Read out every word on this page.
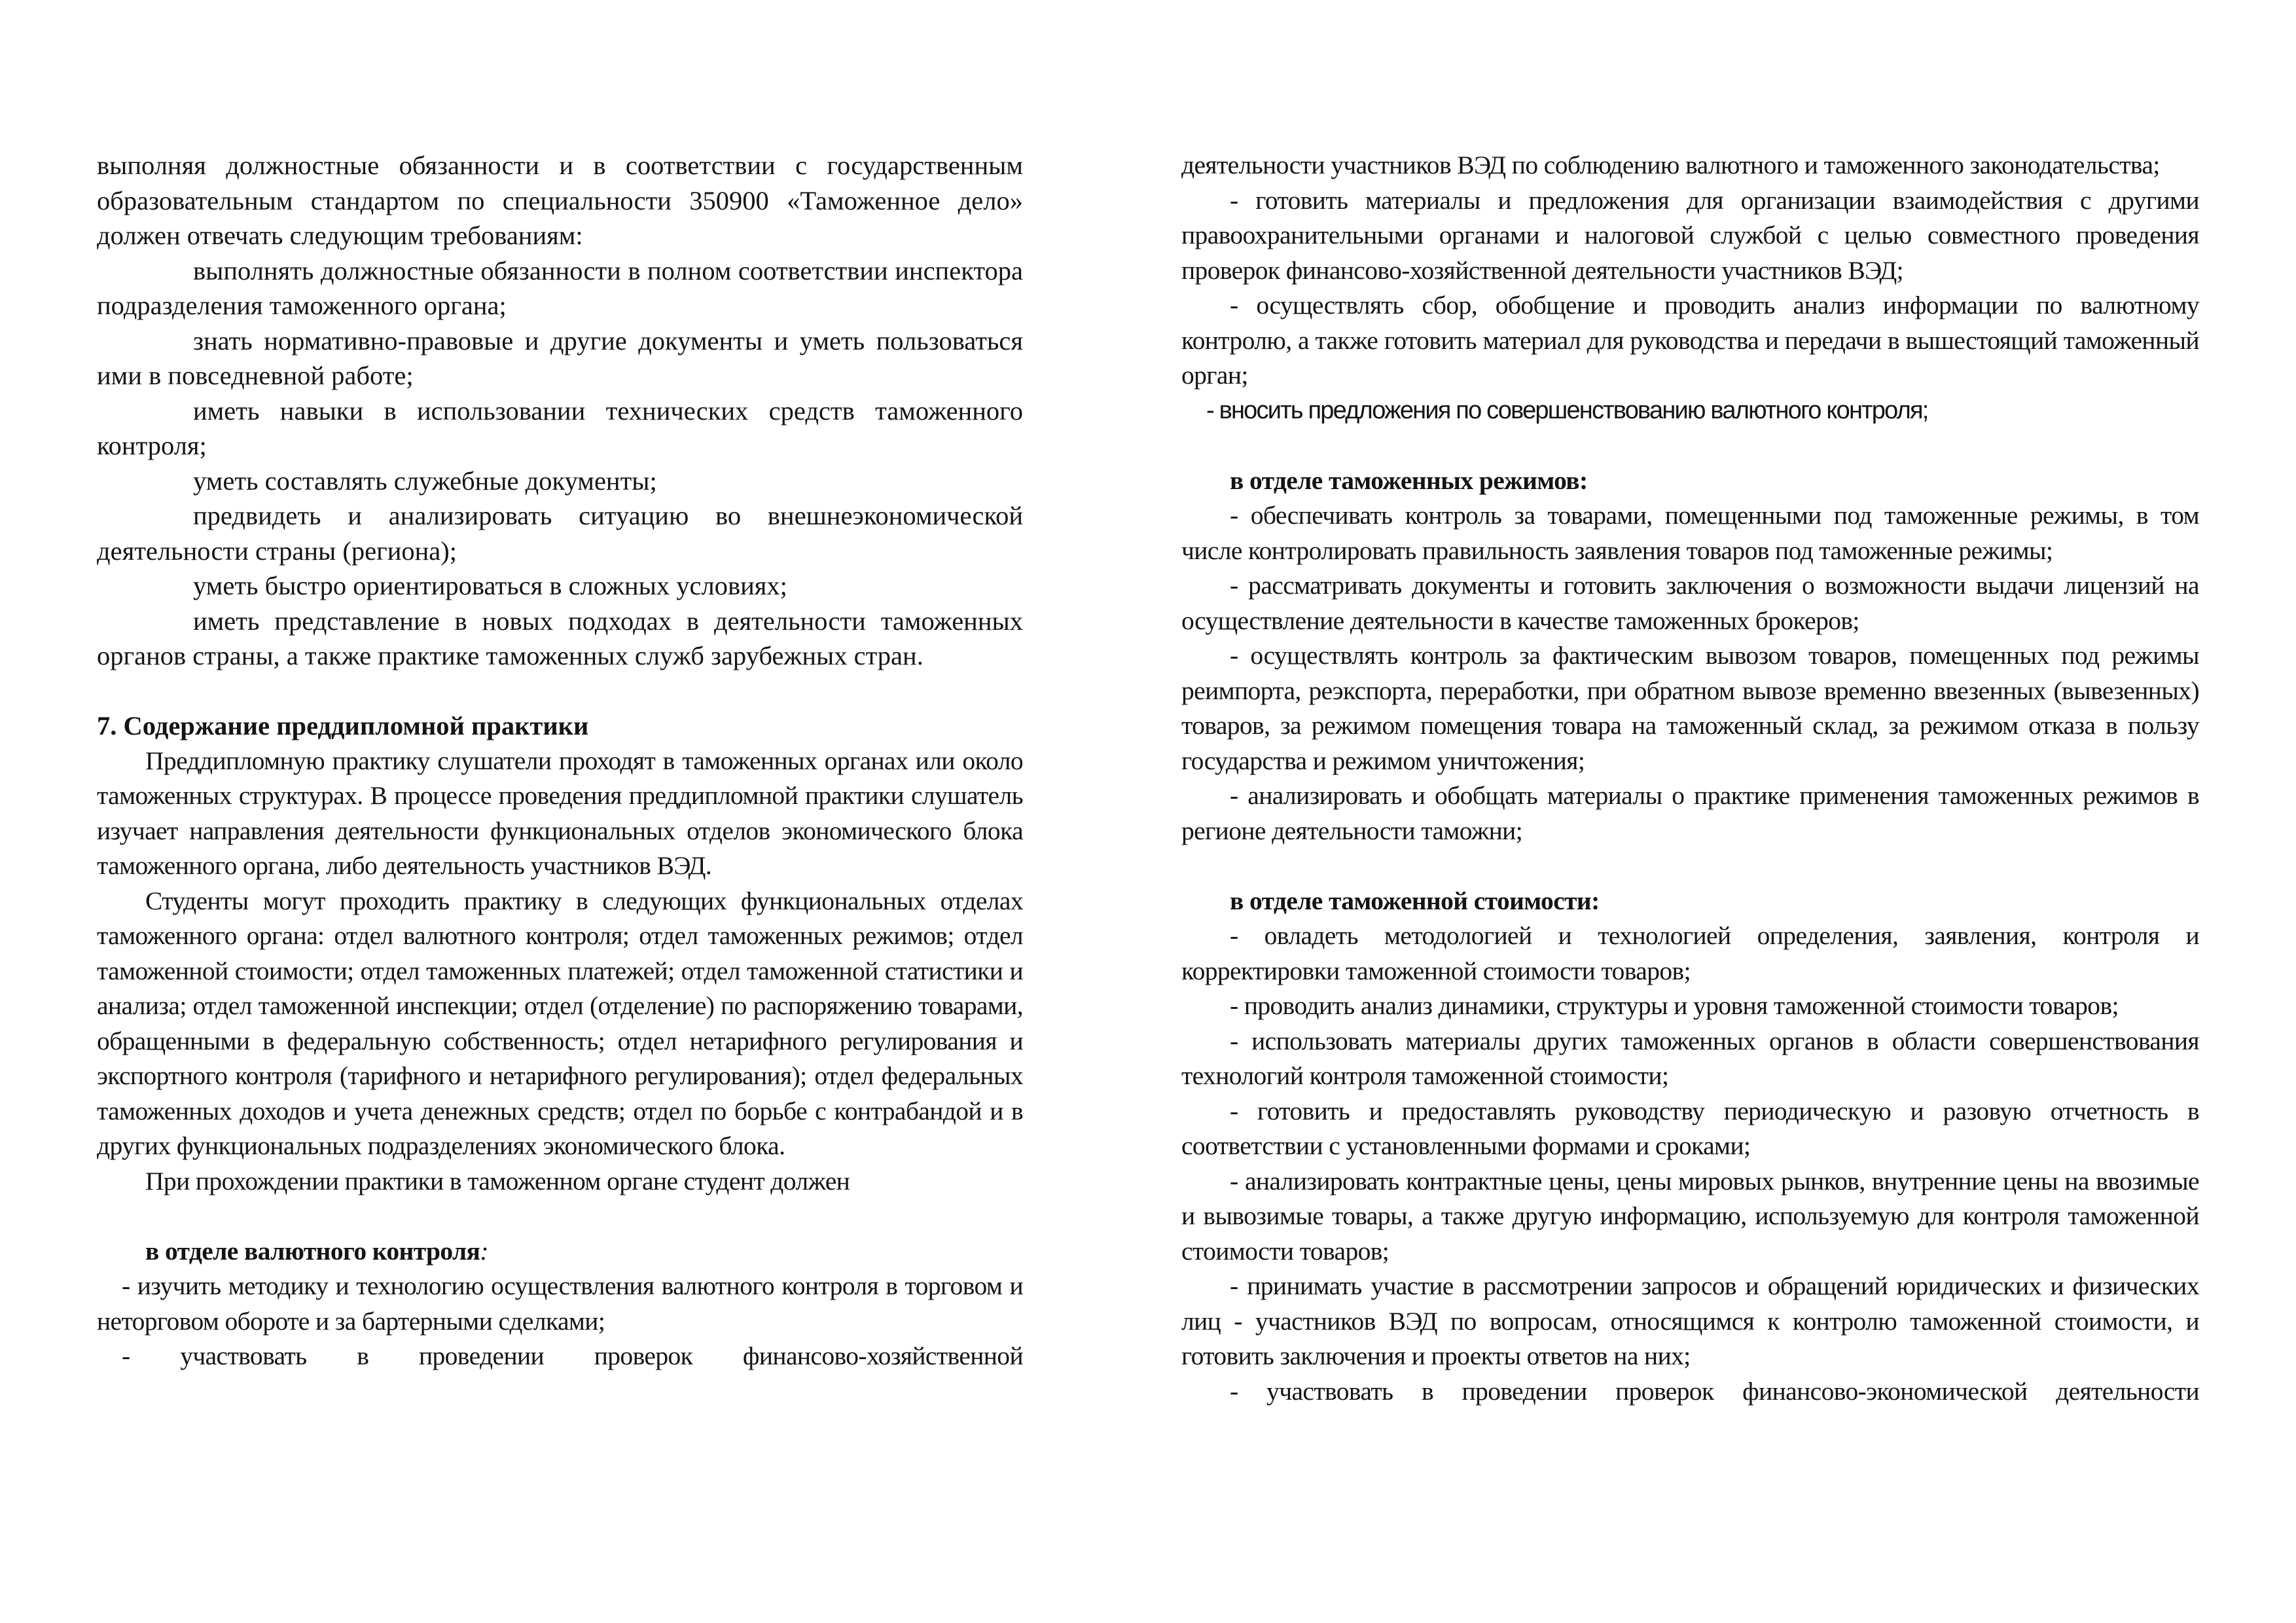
выполняя должностные обязанности и в соответствии с государственным образовательным стандартом по специальности 350900 «Таможенное дело» должен отвечать следующим требованиям:

выполнять должностные обязанности в полном соответствии инспектора подразделения таможенного органа;

знать нормативно-правовые и другие документы и уметь пользоваться ими в повседневной работе;

иметь навыки в использовании технических средств таможенного контроля;

уметь составлять служебные документы;

предвидеть и анализировать ситуацию во внешнеэкономической деятельности страны (региона);

уметь быстро ориентироваться в сложных условиях;

иметь представление в новых подходах в деятельности таможенных органов страны, а также практике таможенных служб зарубежных стран.

7. Содержание преддипломной практики

Преддипломную практику слушатели проходят в таможенных органах или около таможенных структурах. В процессе проведения преддипломной практики слушатель изучает направления деятельности функциональных отделов экономического блока таможенного органа, либо деятельность участников ВЭД.

Студенты могут проходить практику в следующих функциональных отделах таможенного органа: отдел валютного контроля; отдел таможенных режимов; отдел таможенной стоимости; отдел таможенных платежей; отдел таможенной статистики и анализа; отдел таможенной инспекции; отдел (отделение) по распоряжению товарами, обращенными в федеральную собственность; отдел нетарифного регулирования и экспортного контроля (тарифного и нетарифного регулирования); отдел федеральных таможенных доходов и учета денежных средств; отдел по борьбе с контрабандой и в других функциональных подразделениях экономического блока.

При прохождении практики в таможенном органе студент должен

в отделе валютного контроля:

- изучить методику и технологию осуществления валютного контроля в торговом и неторговом обороте и за бартерными сделками;

- участвовать в проведении проверок финансово-хозяйственной

деятельности участников ВЭД по соблюдению валютного и таможенного законодательства;

- готовить материалы и предложения для организации взаимодействия с другими правоохранительными органами и налоговой службой с целью совместного проведения проверок финансово-хозяйственной деятельности участников ВЭД;

- осуществлять сбор, обобщение и проводить анализ информации по валютному контролю, а также готовить материал для руководства и передачи в вышестоящий таможенный орган;

- вносить предложения по совершенствованию валютного контроля;

в отделе таможенных режимов:

- обеспечивать контроль за товарами, помещенными под таможенные режимы, в том числе контролировать правильность заявления товаров под таможенные режимы;

- рассматривать документы и готовить заключения о возможности выдачи лицензий на осуществление деятельности в качестве таможенных брокеров;

- осуществлять контроль за фактическим вывозом товаров, помещенных под режимы реимпорта, реэкспорта, переработки, при обратном вывозе временно ввезенных (вывезенных) товаров, за режимом помещения товара на таможенный склад, за режимом отказа в пользу государства и режимом уничтожения;

- анализировать и обобщать материалы о практике применения таможенных режимов в регионе деятельности таможни;

в отделе таможенной стоимости:

- овладеть методологией и технологией определения, заявления, контроля и корректировки таможенной стоимости товаров;

- проводить анализ динамики, структуры и уровня таможенной стоимости товаров;

- использовать материалы других таможенных органов в области совершенствования технологий контроля таможенной стоимости;

- готовить и предоставлять руководству периодическую и разовую отчетность в соответствии с установленными формами и сроками;

- анализировать контрактные цены, цены мировых рынков, внутренние цены на ввозимые и вывозимые товары, а также другую информацию, используемую для контроля таможенной стоимости товаров;

- принимать участие в рассмотрении запросов и обращений юридических и физических лиц - участников ВЭД по вопросам, относящимся к контролю таможенной стоимости, и готовить заключения и проекты ответов на них;

- участвовать в проведении проверок финансово-экономической деятельности
